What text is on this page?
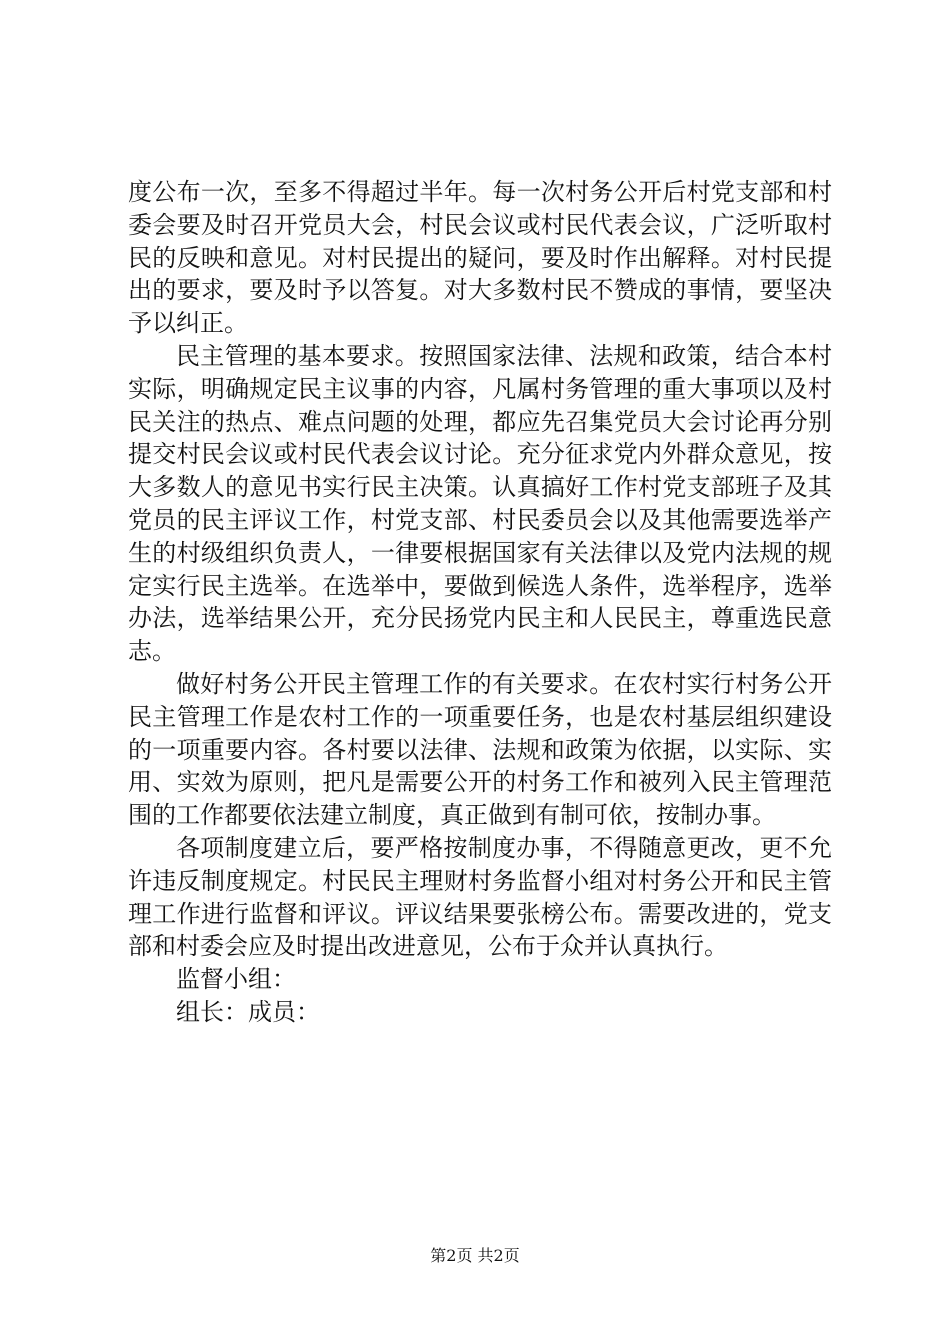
度公布一次，至多不得超过半年。每一次村务公开后村党支部和村委会要及时召开党员大会，村民会议或村民代表会议，广泛听取村民的反映和意见。对村民提出的疑问，要及时作出解释。对村民提出的要求，要及时予以答复。对大多数村民不赞成的事情，要坚决予以纠正。

民主管理的基本要求。按照国家法律、法规和政策，结合本村实际，明确规定民主议事的内容，凡属村务管理的重大事项以及村民关注的热点、难点问题的处理，都应先召集党员大会讨论再分别提交村民会议或村民代表会议讨论。充分征求党内外群众意见，按大多数人的意见书实行民主决策。认真搞好工作村党支部班子及其党员的民主评议工作，村党支部、村民委员会以及其他需要选举产生的村级组织负责人，一律要根据国家有关法律以及党内法规的规定实行民主选举。在选举中，要做到候选人条件，选举程序，选举办法，选举结果公开，充分民扬党内民主和人民民主，尊重选民意志。

做好村务公开民主管理工作的有关要求。在农村实行村务公开民主管理工作是农村工作的一项重要任务，也是农村基层组织建设的一项重要内容。各村要以法律、法规和政策为依据，以实际、实用、实效为原则，把凡是需要公开的村务工作和被列入民主管理范围的工作都要依法建立制度，真正做到有制可依，按制办事。

各项制度建立后，要严格按制度办事，不得随意更改，更不允许违反制度规定。村民民主理财村务监督小组对村务公开和民主管理工作进行监督和评议。评议结果要张榜公布。需要改进的，党支部和村委会应及时提出改进意见，公布于众并认真执行。

监督小组：

组长：成员：

第2页 共2页
